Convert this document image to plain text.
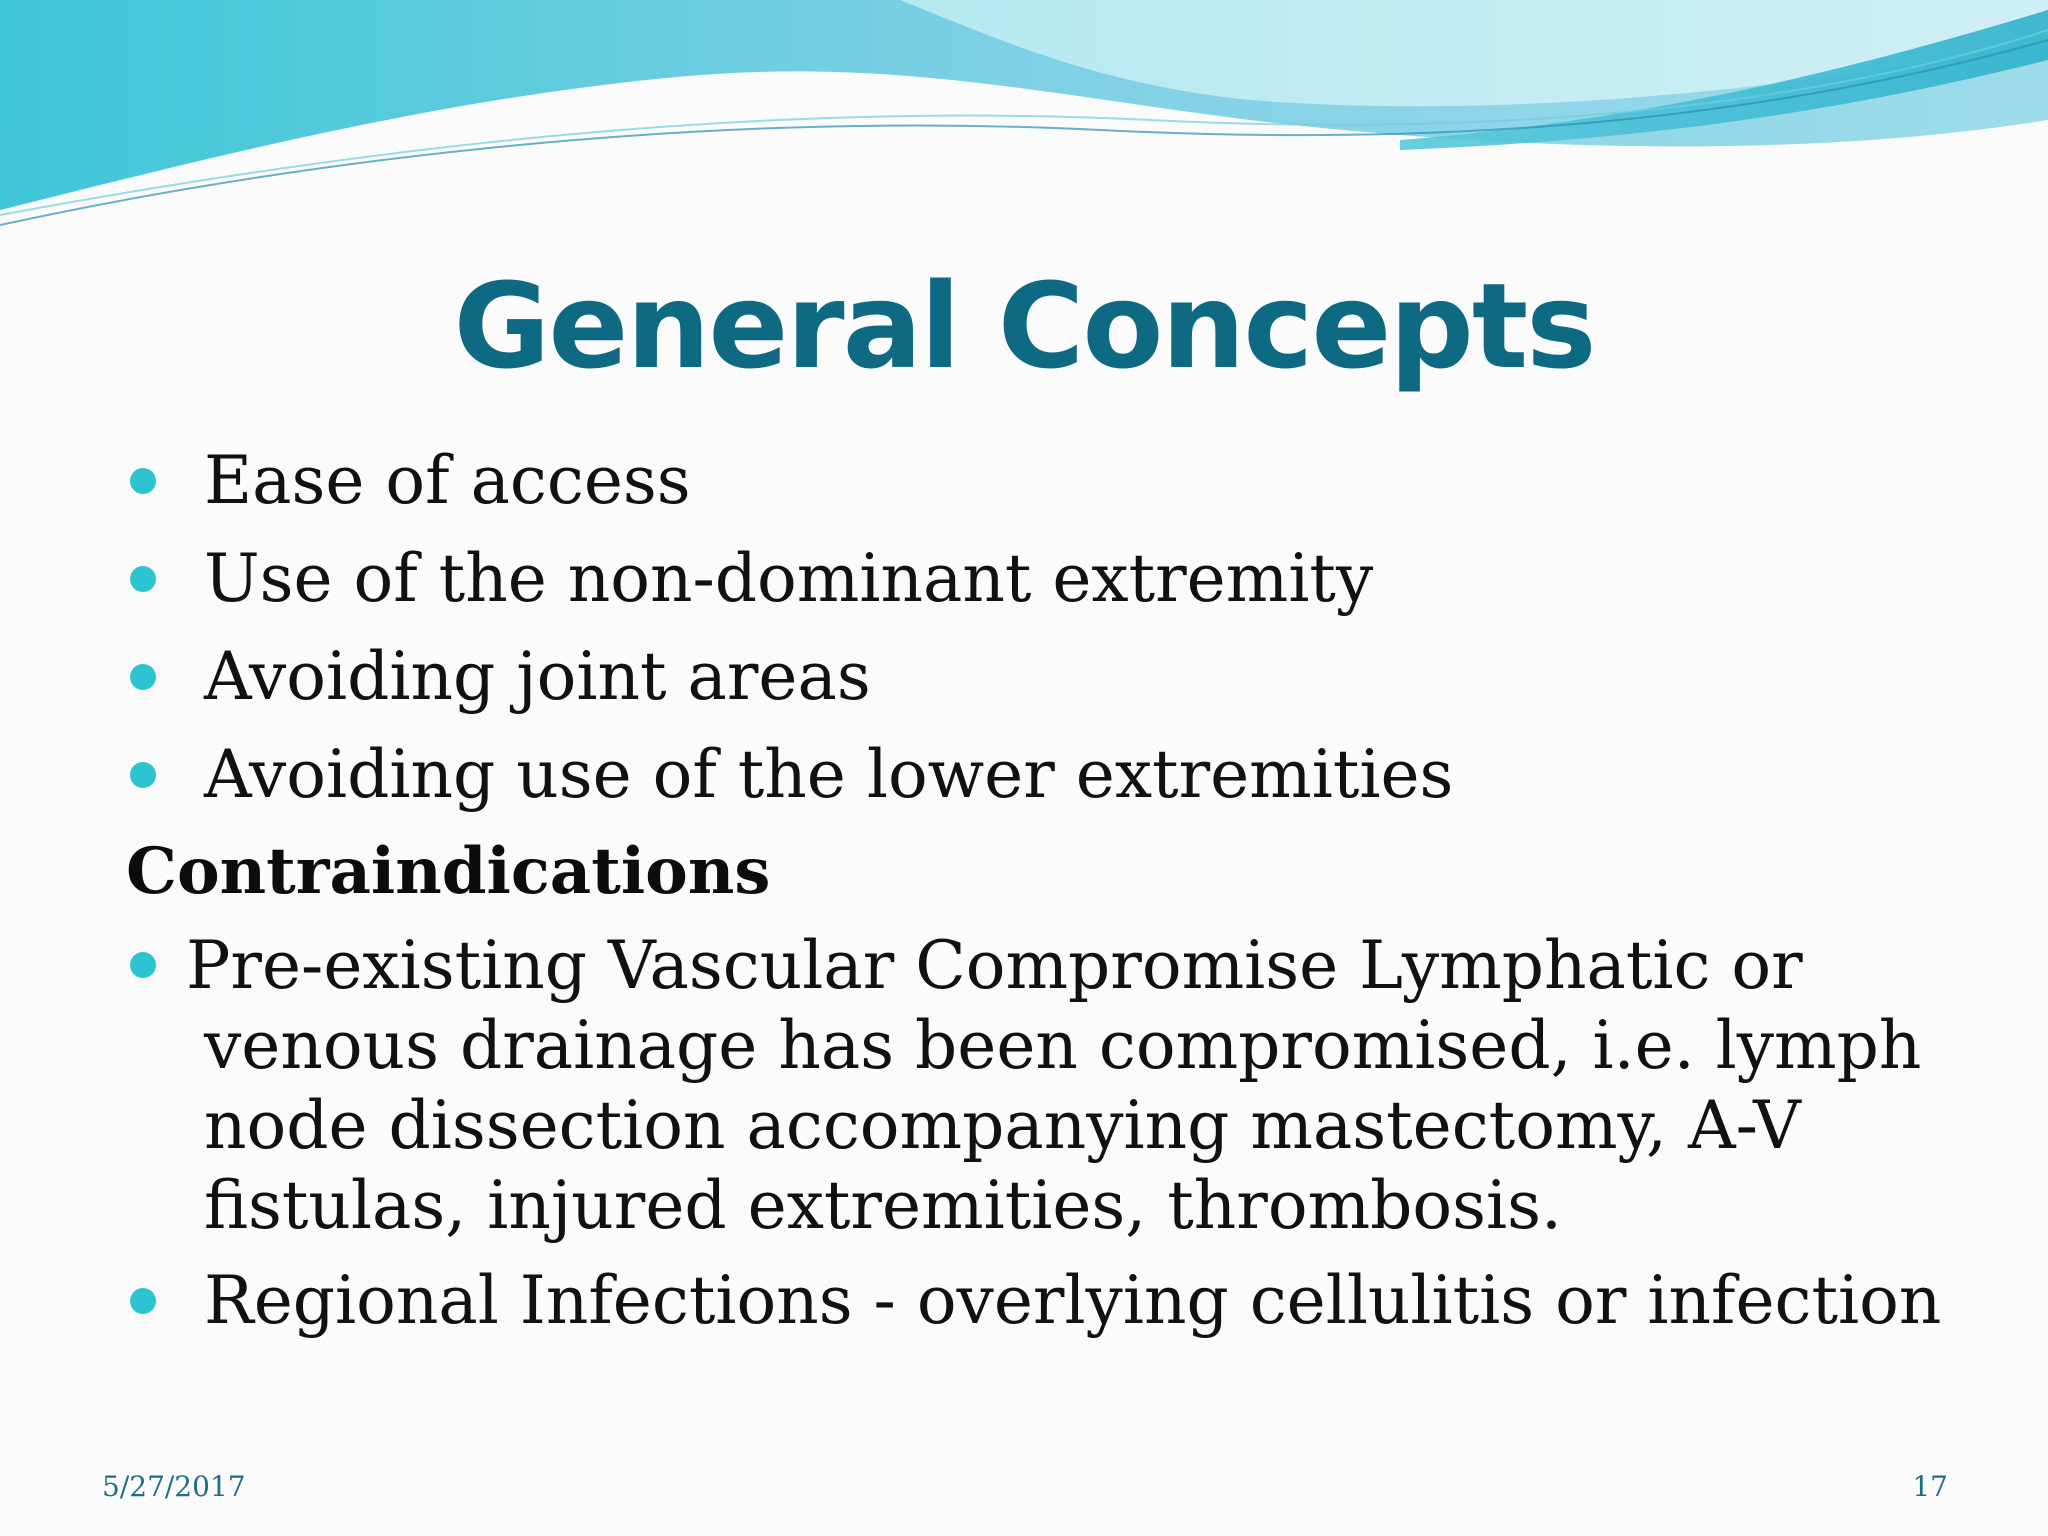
General Concepts
Ease of access
Use of the non-dominant extremity
Avoiding joint areas
Avoiding use of the lower extremities
Contraindications
Pre-existing Vascular Compromise Lymphatic or venous drainage has been compromised, i.e. lymph node dissection accompanying mastectomy, A-V fistulas, injured extremities, thrombosis.
Regional Infections - overlying cellulitis or infection
5/27/2017	17
